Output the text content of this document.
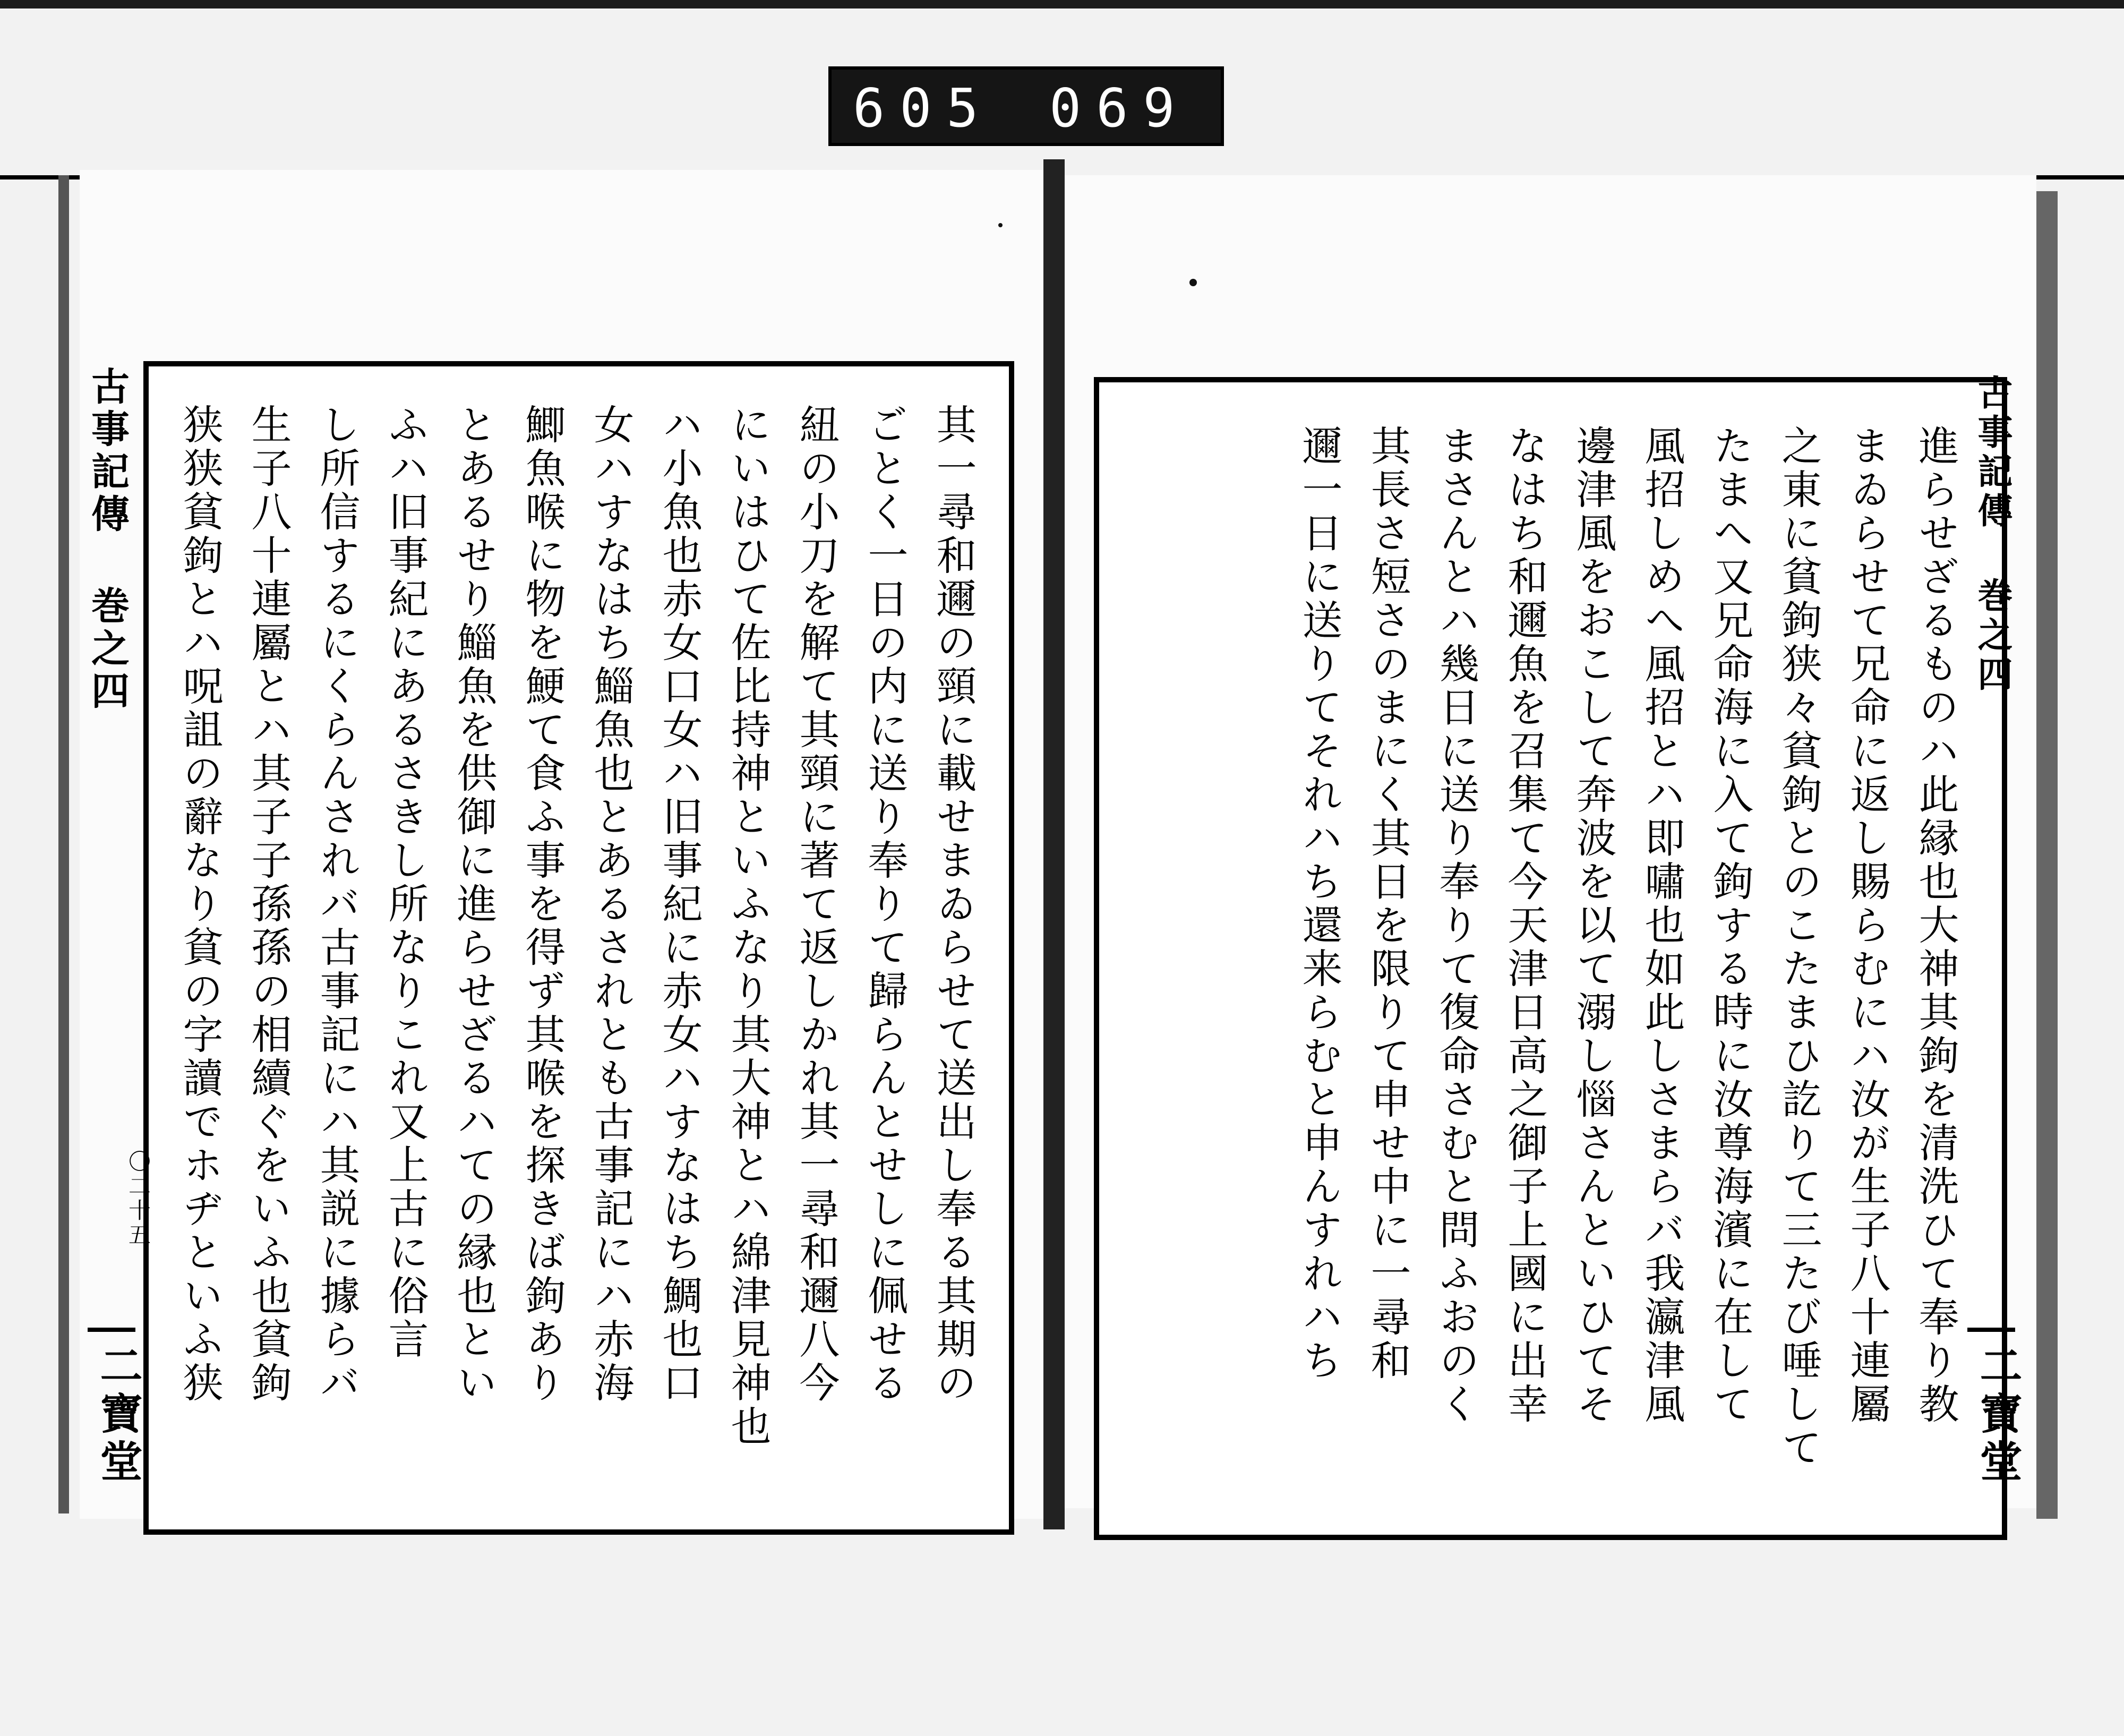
605 069
古事記傳 巻之四
〇二十五
二寶堂
其一尋和邇の頸に載せまゐらせて送出し奉る其期の
ごとく一日の内に送り奉りて歸らんとせしに佩せる
紐の小刀を解て其頸に著て返しかれ其一尋和邇八今
にいはひて佐比持神といふなり其大神とハ綿津見神也
ハ小魚也赤女口女ハ旧事紀に赤女ハすなはち鯛也口
女ハすなはち鯔魚也とあるされとも古事記にハ赤海
鯽魚喉に物を鯁て食ふ事を得ず其喉を探きば鉤あり
とあるせり鯔魚を供御に進らせざるハての縁也とい
ふハ旧事紀にあるさきし所なりこれ又上古に俗言
し所信するにくらんされバ古事記にハ其説に據らバ
生子八十連屬とハ其子子孫孫の相續ぐをいふ也貧鉤
狭狭貧鉤とハ呪詛の辭なり貧の字讀でホヂといふ狭	古事記傳 巻之四
二寶堂
進らせざるものハ此縁也大神其鉤を清洗ひて奉り教
まゐらせて兄命に返し賜らむにハ汝が生子八十連屬
之東に貧鉤狭々貧鉤とのこたまひ訖りて三たび唾して
たまへ又兄命海に入て鉤する時に汝尊海濱に在して
風招しめへ風招とハ即嘯也如此しさまらバ我瀛津風
邊津風をおこして奔波を以て溺し惱さんといひてそ
なはち和邇魚を召集て今天津日高之御子上國に出幸
まさんとハ幾日に送り奉りて復命さむと問ふおのく
其長さ短さのまにく其日を限りて申せ中に一尋和
邇一日に送りてそれハち還来らむと申んすれハち
